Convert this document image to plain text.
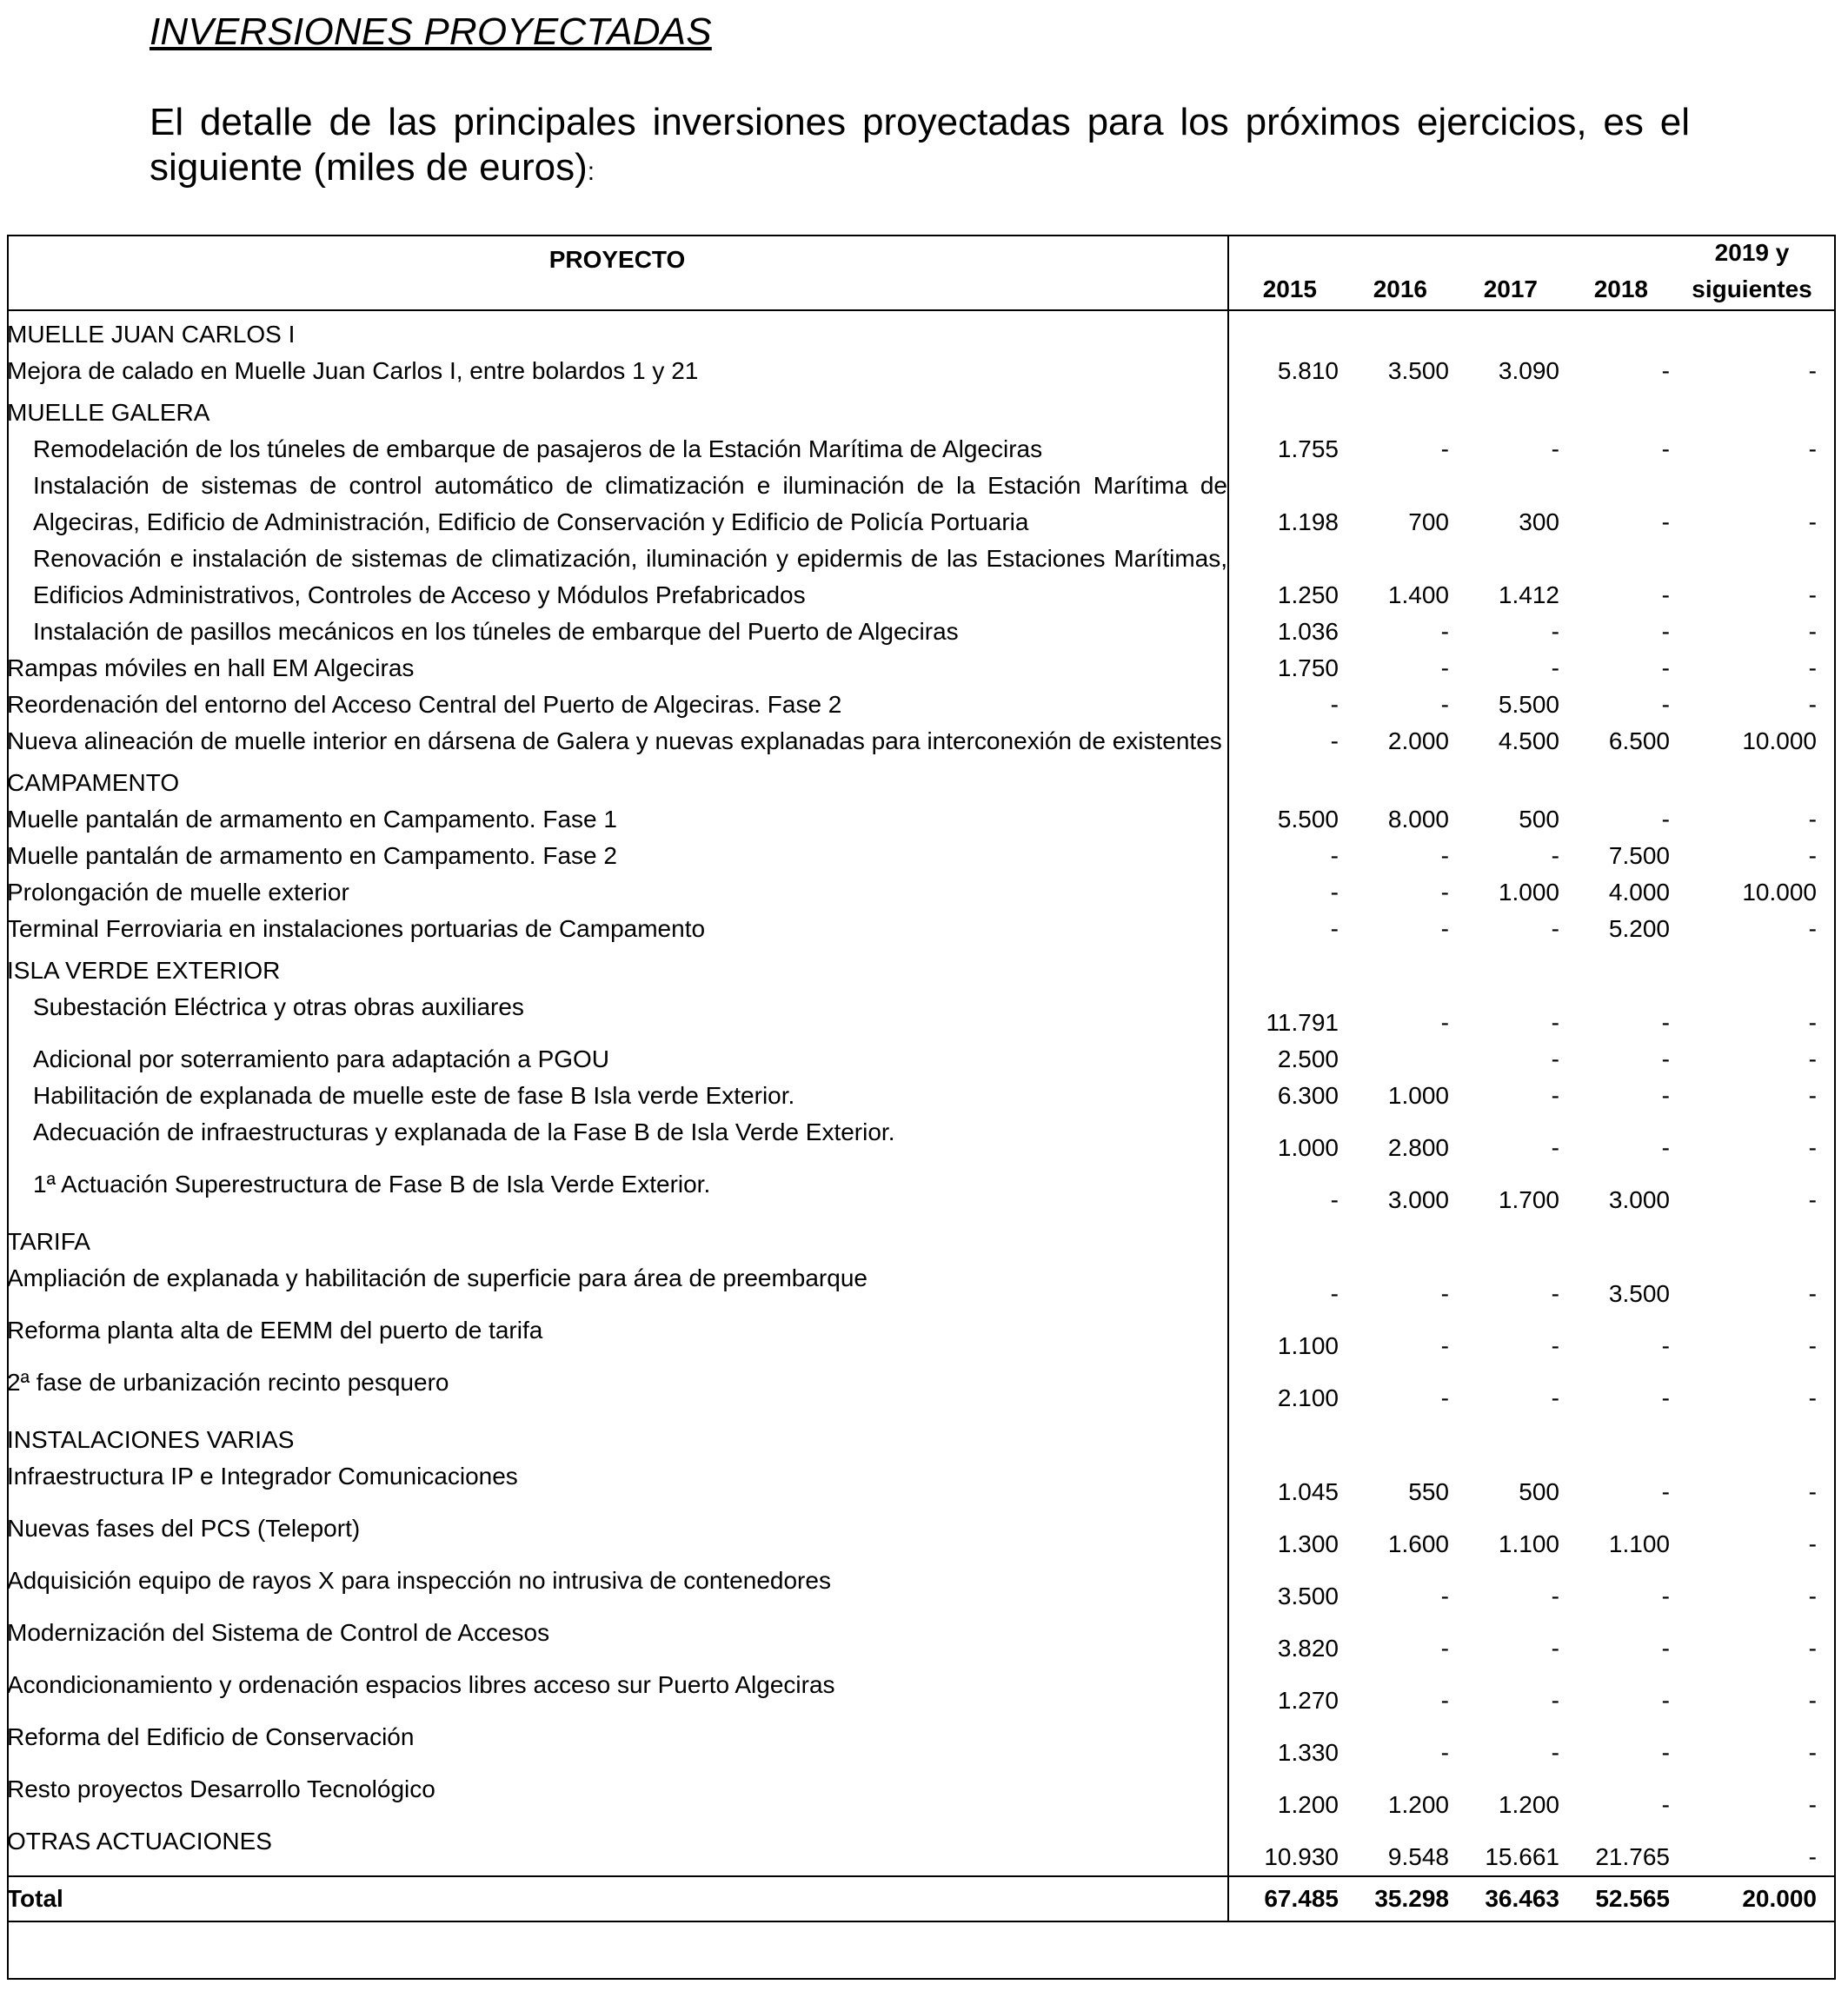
INVERSIONES PROYECTADAS
El detalle de las principales inversiones proyectadas para los próximos ejercicios, es el siguiente (miles de euros):
PROYECTO	2015	2016	2017	2018	2019 y
siguientes
MUELLE JUAN CARLOS I					
Mejora de calado en Muelle Juan Carlos I, entre bolardos 1 y 21	5.810	3.500	3.090	-	-
MUELLE GALERA					
Remodelación de los túneles de embarque de pasajeros de la Estación Marítima de Algeciras	1.755	-	-	-	-
Instalación de sistemas de control automático de climatización e iluminación de la Estación Marítima de Algeciras, Edificio de Administración, Edificio de Conservación y Edificio de Policía Portuaria	1.198	700	300	-	-
Renovación e instalación de sistemas de climatización, iluminación y epidermis de las Estaciones Marítimas, Edificios Administrativos, Controles de Acceso y Módulos Prefabricados	1.250	1.400	1.412	-	-
Instalación de pasillos mecánicos en los túneles de embarque del Puerto de Algeciras	1.036	-	-	-	-
Rampas móviles en hall EM Algeciras	1.750	-	-	-	-
Reordenación del entorno del Acceso Central del Puerto de Algeciras. Fase 2	-	-	5.500	-	-
Nueva alineación de muelle interior en dársena de Galera y nuevas explanadas para interconexión de existentes	-	2.000	4.500	6.500	10.000
CAMPAMENTO					
Muelle pantalán de armamento en Campamento. Fase 1	5.500	8.000	500	-	-
Muelle pantalán de armamento en Campamento. Fase 2	-	-	-	7.500	-
Prolongación de muelle exterior	-	-	1.000	4.000	10.000
Terminal Ferroviaria en instalaciones portuarias de Campamento	-	-	-	5.200	-
ISLA VERDE EXTERIOR					
Subestación Eléctrica y otras obras auxiliares	11.791	-	-	-	-
Adicional por soterramiento para adaptación a PGOU	2.500		-	-	-
Habilitación de explanada de muelle este de fase B Isla verde Exterior.	6.300	1.000	-	-	-
Adecuación de infraestructuras y explanada de la Fase B de Isla Verde Exterior.	1.000	2.800	-	-	-
1ª Actuación Superestructura de Fase B de Isla Verde Exterior.	-	3.000	1.700	3.000	-
TARIFA					
Ampliación de explanada y habilitación de superficie para área de preembarque	-	-	-	3.500	-
Reforma planta alta de EEMM del puerto de tarifa	1.100	-	-	-	-
2ª fase de urbanización recinto pesquero	2.100	-	-	-	-
INSTALACIONES VARIAS					
Infraestructura IP e Integrador Comunicaciones	1.045	550	500	-	-
Nuevas fases del PCS (Teleport)	1.300	1.600	1.100	1.100	-
Adquisición equipo de rayos X para inspección no intrusiva de contenedores	3.500	-	-	-	-
Modernización del Sistema de Control de Accesos	3.820	-	-	-	-
Acondicionamiento y ordenación espacios libres acceso sur Puerto Algeciras	1.270	-	-	-	-
Reforma del Edificio de Conservación	1.330	-	-	-	-
Resto proyectos Desarrollo Tecnológico	1.200	1.200	1.200	-	-
OTRAS ACTUACIONES	10.930	9.548	15.661	21.765	-
Total	67.485	35.298	36.463	52.565	20.000
